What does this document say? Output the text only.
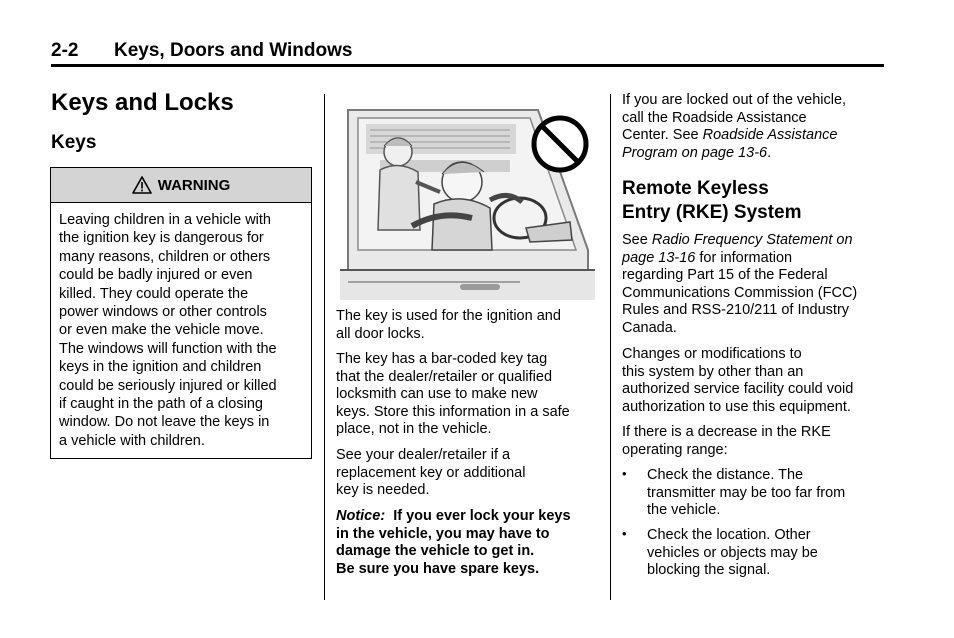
2-2 Keys, Doors and Windows
Keys and Locks
Keys
WARNING
Leaving children in a vehicle with
the ignition key is dangerous for
many reasons, children or others
could be badly injured or even
killed. They could operate the
power windows or other controls
or even make the vehicle move.
The windows will function with the
keys in the ignition and children
could be seriously injured or killed
if caught in the path of a closing
window. Do not leave the keys in
a vehicle with children.
The key is used for the ignition and
all door locks.
The key has a bar-coded key tag
that the dealer/retailer or qualified
locksmith can use to make new
keys. Store this information in a safe
place, not in the vehicle.
See your dealer/retailer if a
replacement key or additional
key is needed.
Notice: If you ever lock your keys
in the vehicle, you may have to
damage the vehicle to get in.
Be sure you have spare keys.
If you are locked out of the vehicle,
call the Roadside Assistance
Center. See Roadside Assistance
Program on page 13-6.
Remote Keyless
Entry (RKE) System
See Radio Frequency Statement on
page 13-16 for information
regarding Part 15 of the Federal
Communications Commission (FCC)
Rules and RSS-210/211 of Industry
Canada.
Changes or modifications to
this system by other than an
authorized service facility could void
authorization to use this equipment.
If there is a decrease in the RKE
operating range:
• Check the distance. The
transmitter may be too far from
the vehicle.
• Check the location. Other
vehicles or objects may be
blocking the signal.
